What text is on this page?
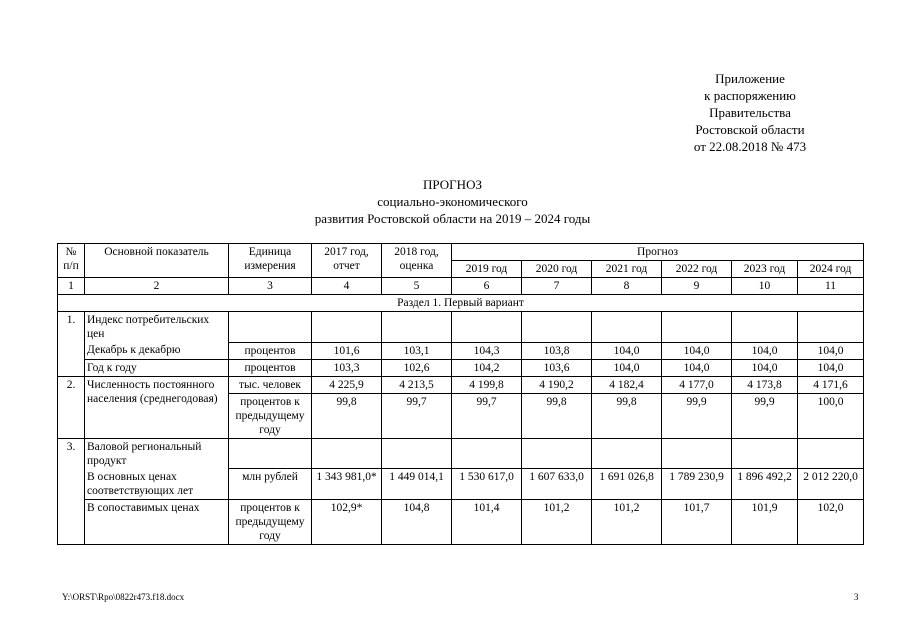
Приложение
к распоряжению
Правительства
Ростовской области
от 22.08.2018 № 473
ПРОГНОЗ
социально-экономического
развития Ростовской области на 2019 – 2024 годы
№ п/п	Основной показатель	Единица измерения	2017 год, отчет	2018 год, оценка	Прогноз					
					2019 год	2020 год	2021 год	2022 год	2023 год	2024 год
1	2	3	4	5	6	7	8	9	10	11
Раздел 1. Первый вариант										
1.	Индекс потребительских цен									
	Декабрь к декабрю	процентов	101,6	103,1	104,3	103,8	104,0	104,0	104,0	104,0
	Год к году	процентов	103,3	102,6	104,2	103,6	104,0	104,0	104,0	104,0
2.	Численность постоянного населения (среднегодовая)	тыс. человек	4 225,9	4 213,5	4 199,8	4 190,2	4 182,4	4 177,0	4 173,8	4 171,6
		процентов к предыдущему году	99,8	99,7	99,7	99,8	99,8	99,9	99,9	100,0
3.	Валовой региональный продукт									
	В основных ценах соответствующих лет	млн рублей	1 343 981,0*	1 449 014,1	1 530 617,0	1 607 633,0	1 691 026,8	1 789 230,9	1 896 492,2	2 012 220,0
	В сопоставимых ценах	процентов к предыдущему году	102,9*	104,8	101,4	101,2	101,2	101,7	101,9	102,0
Y:\ORST\Rpo\0822r473.f18.docx	3
